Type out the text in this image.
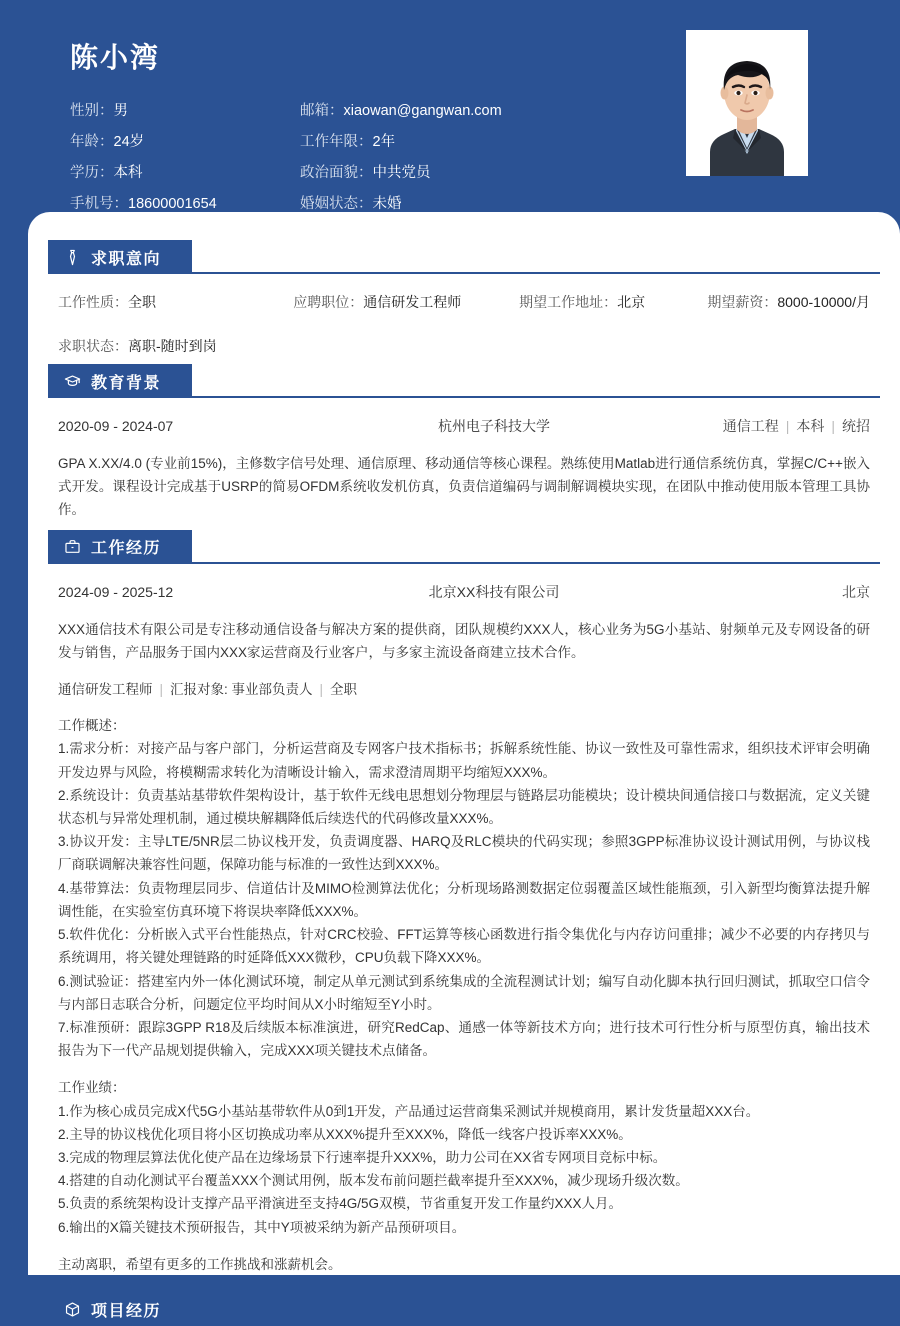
陈小湾
性别：男	邮箱：xiaowan@gangwan.com
年龄：24岁	工作年限：2年
学历：本科	政治面貌：中共党员
手机号：18600001654	婚姻状态：未婚
求职意向
工作性质：全职	应聘职位：通信研发工程师	期望工作地址：北京	期望薪资：8000-10000/月
求职状态：离职-随时到岗
教育背景
2020-09 - 2024-07	杭州电子科技大学	通信工程 | 本科 | 统招
GPA X.XX/4.0 (专业前15%)，主修数字信号处理、通信原理、移动通信等核心课程。熟练使用Matlab进行通信系统仿真，掌握C/C++嵌入式开发。课程设计完成基于USRP的简易OFDM系统收发机仿真，负责信道编码与调制解调模块实现，在团队中推动使用版本管理工具协作。
工作经历
2024-09 - 2025-12	北京XX科技有限公司	北京
XXX通信技术有限公司是专注移动通信设备与解决方案的提供商，团队规模约XXX人，核心业务为5G小基站、射频单元及专网设备的研发与销售，产品服务于国内XXX家运营商及行业客户，与多家主流设备商建立技术合作。
通信研发工程师 | 汇报对象: 事业部负责人 | 全职
工作概述：

1.需求分析：对接产品与客户部门，分析运营商及专网客户技术指标书；拆解系统性能、协议一致性及可靠性需求，组织技术评审会明确开发边界与风险，将模糊需求转化为清晰设计输入，需求澄清周期平均缩短XXX%。

2.系统设计：负责基站基带软件架构设计，基于软件无线电思想划分物理层与链路层功能模块；设计模块间通信接口与数据流，定义关键状态机与异常处理机制，通过模块解耦降低后续迭代的代码修改量XXX%。

3.协议开发：主导LTE/5NR层二协议栈开发，负责调度器、HARQ及RLC模块的代码实现；参照3GPP标准协议设计测试用例，与协议栈厂商联调解决兼容性问题，保障功能与标准的一致性达到XXX%。

4.基带算法：负责物理层同步、信道估计及MIMO检测算法优化；分析现场路测数据定位弱覆盖区域性能瓶颈，引入新型均衡算法提升解调性能，在实验室仿真环境下将误块率降低XXX%。

5.软件优化：分析嵌入式平台性能热点，针对CRC校验、FFT运算等核心函数进行指令集优化与内存访问重排；减少不必要的内存拷贝与系统调用，将关键处理链路的时延降低XXX微秒，CPU负载下降XXX%。

6.测试验证：搭建室内外一体化测试环境，制定从单元测试到系统集成的全流程测试计划；编写自动化脚本执行回归测试，抓取空口信令与内部日志联合分析，问题定位平均时间从X小时缩短至Y小时。

7.标准预研：跟踪3GPP R18及后续版本标准演进，研究RedCap、通感一体等新技术方向；进行技术可行性分析与原型仿真，输出技术报告为下一代产品规划提供输入，完成XXX项关键技术点储备。

工作业绩：

1.作为核心成员完成X代5G小基站基带软件从0到1开发，产品通过运营商集采测试并规模商用，累计发货量超XXX台。

2.主导的协议栈优化项目将小区切换成功率从XXX%提升至XXX%，降低一线客户投诉率XXX%。

3.完成的物理层算法优化使产品在边缘场景下行速率提升XXX%，助力公司在XX省专网项目竞标中标。

4.搭建的自动化测试平台覆盖XXX个测试用例，版本发布前问题拦截率提升至XXX%，减少现场升级次数。

5.负责的系统架构设计支撑产品平滑演进至支持4G/5G双模，节省重复开发工作量约XXX人月。

6.输出的X篇关键技术预研报告，其中Y项被采纳为新产品预研项目。

主动离职，希望有更多的工作挑战和涨薪机会。

项目经历
